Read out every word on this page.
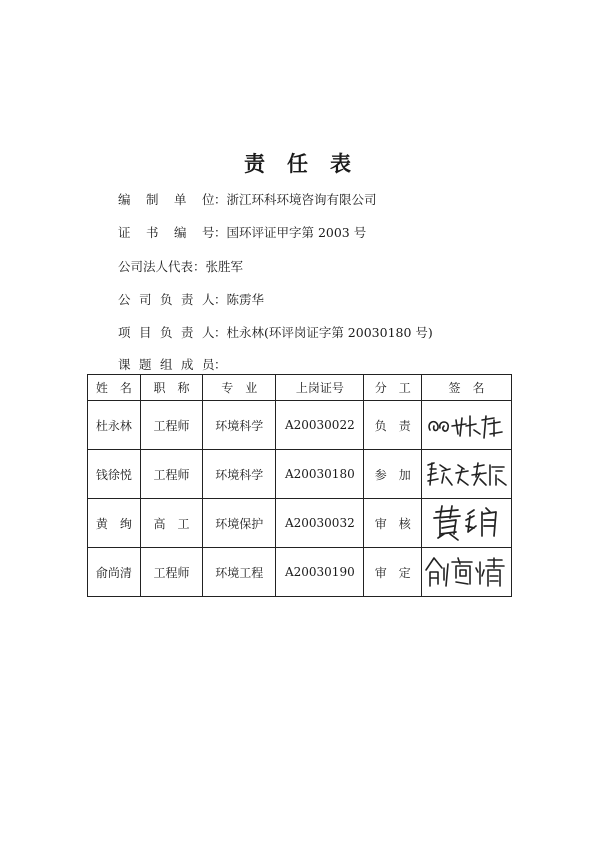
责 任 表
编 制 单 位：浙江环科环境咨询有限公司
证 书 编 号：国环评证甲字第 2003 号
公司法人代表：张胜军
公 司 负 责 人：陈雳华
项 目 负 责 人：杜永林(环评岗证字第 20030180 号)
课 题 组 成 员：
姓　名	职　称	专　业	上岗证号	分　工	签　名
杜永林	工程师	环境科学	A20030022	负　责	

钱徐悦	工程师	环境科学	A20030180	参　加	

黄　绚	高　工	环境保护	A20030032	审　核	

俞尚清	工程师	环境工程	A20030190	审　定	
